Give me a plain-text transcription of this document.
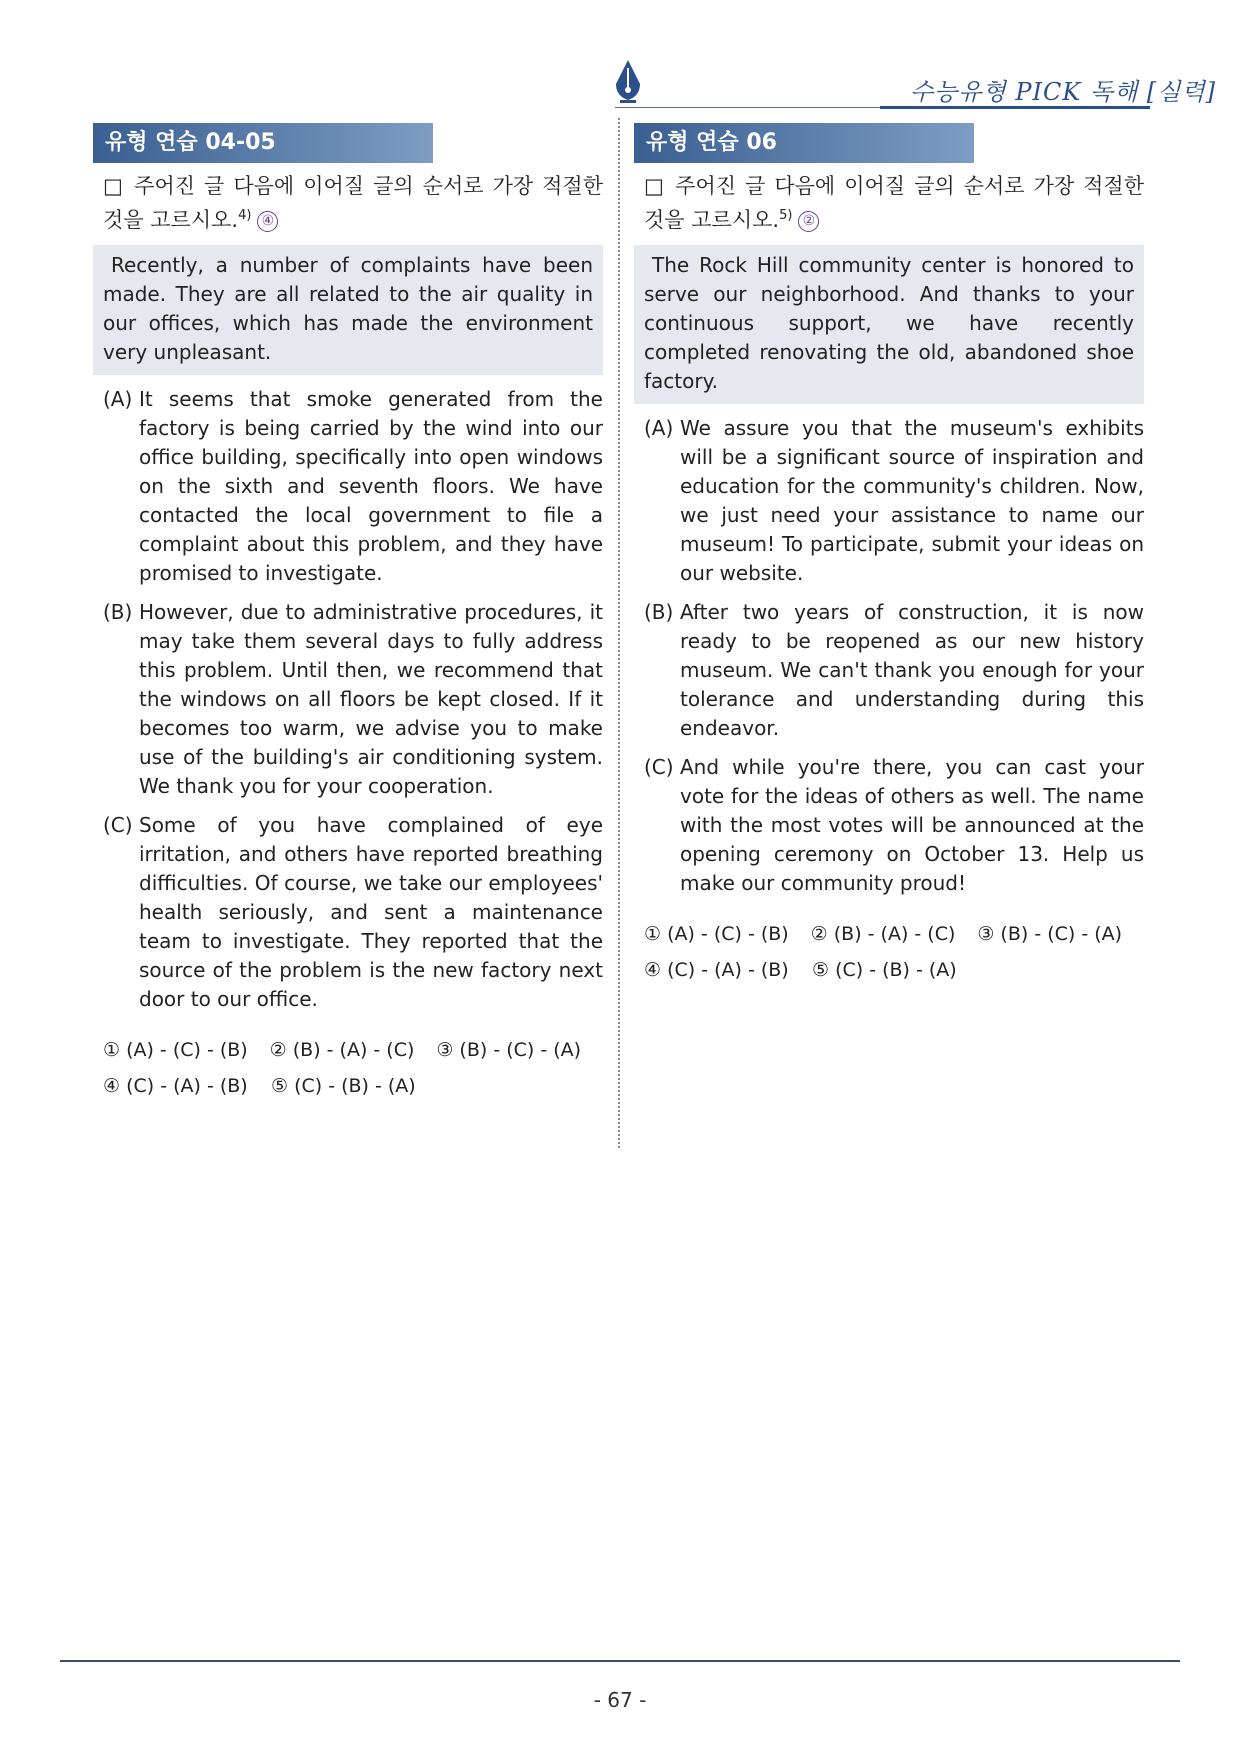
수능유형 PICK 독해 [실력]
유형 연습 04-05
□ 주어진 글 다음에 이어질 글의 순서로 가장 적절한 것을 고르시오.$^{4)}$ ④
Recently, a number of complaints have been made. They are all related to the air quality in our offices, which has made the environment very unpleasant.
(A) It seems that smoke generated from the factory is being carried by the wind into our office building, specifically into open windows on the sixth and seventh floors. We have contacted the local government to file a complaint about this problem, and they have promised to investigate.
(B) However, due to administrative procedures, it may take them several days to fully address this problem. Until then, we recommend that the windows on all floors be kept closed. If it becomes too warm, we advise you to make use of the building's air conditioning system. We thank you for your cooperation.
(C) Some of you have complained of eye irritation, and others have reported breathing difficulties. Of course, we take our employees' health seriously, and sent a maintenance team to investigate. They reported that the source of the problem is the new factory next door to our office.
① (A) - (C) - (B)	② (B) - (A) - (C)	③ (B) - (C) - (A)
④ (C) - (A) - (B)	⑤ (C) - (B) - (A)
유형 연습 06
□ 주어진 글 다음에 이어질 글의 순서로 가장 적절한 것을 고르시오.$^{5)}$ ②
The Rock Hill community center is honored to serve our neighborhood. And thanks to your continuous support, we have recently completed renovating the old, abandoned shoe factory.
(A) We assure you that the museum's exhibits will be a significant source of inspiration and education for the community's children. Now, we just need your assistance to name our museum! To participate, submit your ideas on our website.
(B) After two years of construction, it is now ready to be reopened as our new history museum. We can't thank you enough for your tolerance and understanding during this endeavor.
(C) And while you're there, you can cast your vote for the ideas of others as well. The name with the most votes will be announced at the opening ceremony on October 13. Help us make our community proud!
① (A) - (C) - (B)	② (B) - (A) - (C)	③ (B) - (C) - (A)
④ (C) - (A) - (B)	⑤ (C) - (B) - (A)
- 67 -
